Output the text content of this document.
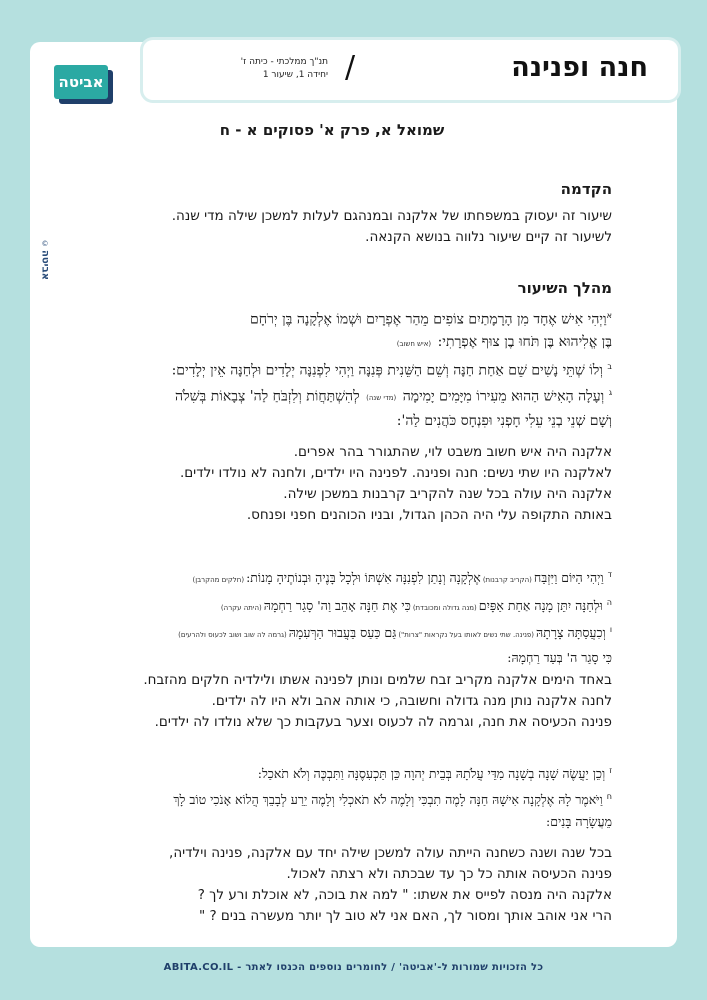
חנה ופנינה
/
תנ"ך ממלכתי - כיתה ז'
יחידה 1, שיעור 1
אביטה
©
אביטה
שמואל א, פרק א' פסוקים א - ח
הקדמה
שיעור זה יעסוק במשפחתו של אלקנה ובמנהגם לעלות למשכן שילה מדי שנה.
לשיעור זה קיים שיעור נלווה בנושא הקנאה.
מהלך השיעור
$^א$וַיְהִי אִישׁ אֶחָד מִן הָרָמָתַיִם צוֹפִים מֵהַר אֶפְרָיִם וּשְׁמוֹ אֶלְקָנָה בֶּן יְרֹחָם
בֶּן אֱלִיהוּא בֶּן תֹּחוּ בֶן צוּף אֶפְרָתִי: (איש חשוב)
$^ב$ וְלוֹ שְׁתֵּי נָשִׁים שֵׁם אַחַת חַנָּה וְשֵׁם הַשֵּׁנִית פְּנִנָּה וַיְהִי לִפְנִנָּה יְלָדִים וּלְחַנָּה אֵין יְלָדִים:
$^ג$ וְעָלָה הָאִישׁ הַהוּא מֵעִירוֹ מִיָּמִים יָמִימָה (מדי שנה) לְהִשְׁתַּחֲוֹת וְלִזְבֹּחַ לַה' צְבָאוֹת בְּשִׁלֹה
וְשָׁם שְׁנֵי בְנֵי עֵלִי חָפְנִי וּפִנְחָס כֹּהֲנִים לַה':
אלקנה היה איש חשוב משבט לוי, שהתגורר בהר אפרים.
לאלקנה היו שתי נשים: חנה ופנינה. לפנינה היו ילדים, ולחנה לא נולדו ילדים.
אלקנה היה עולה בכל שנה להקריב קרבנות במשכן שילה.
באותה התקופה עלי היה הכהן הגדול, ובניו הכוהנים חפני ופנחס.
$^ד$ וַיְהִי הַיּוֹם וַיִּזְבַּח(הקריב קרבנות)אֶלְקָנָה וְנָתַן לִפְנִנָּה אִשְׁתּוֹ וּלְכָל בָּנֶיהָ וּבְנוֹתֶיהָ מָנוֹת:(חלקים מהקרבן)
$^ה$ וּלְחַנָּה יִתֵּן מָנָה אַחַת אַפָּיִם(מנה גדולה ומכובדת)כִּי אֶת חַנָּה אָהֵב וַה' סָגַר רַחְמָהּ(היתה עקרה)
$^ו$ וְכִעֲסַתָּה צָרָתָהּ(פנינה. שתי נשים לאותו בעל נקראות "צרות")גַּם כַּעַס בַּעֲבוּר הַרְּעִמָהּ(גרמה לה שוב ושוב לכעוס ולהרעים)
כִּי סָגַר ה' בְּעַד רַחְמָהּ:
באחד הימים אלקנה מקריב זבח שלמים ונותן לפנינה אשתו ולילדיה חלקים מהזבח.
לחנה אלקנה נותן מנה גדולה וחשובה, כי אותה אהב ולא היו לה ילדים.
פנינה הכעיסה את חנה, וגרמה לה לכעוס וצער בעקבות כך שלא נולדו לה ילדים.
$^ז$ וְכֵן יַעֲשֶׂה שָׁנָה בְשָׁנָה מִדֵּי עֲלֹתָהּ בְּבֵית יְהוָה כֵּן תַּכְעִסֶנָּה וַתִּבְכֶּה וְלֹא תֹאכַל:
$^ח$ וַיֹּאמֶר לָהּ אֶלְקָנָה אִישָׁהּ חַנָּה לָמֶה תִבְכִּי וְלָמֶה לֹא תֹאכְלִי וְלָמֶה יֵרַע לְבָבֵךְ הֲלוֹא אָנֹכִי טוֹב לָךְ
מֵעֲשָׂרָה בָּנִים:
בכל שנה ושנה כשחנה הייתה עולה למשכן שילה יחד עם אלקנה, פנינה וילדיה,
פנינה הכעיסה אותה כל כך עד שבכתה ולא רצתה לאכול.
אלקנה היה מנסה לפייס את אשתו: " למה את בוכה, לא אוכלת ורע לך ?
הרי אני אוהב אותך ומסור לך, האם אני לא טוב לך יותר מעשרה בנים ? "
כל הזכויות שמורות ל-'אביטה' / לחומרים נוספים הכנסו לאתר - ABITA.CO.IL
